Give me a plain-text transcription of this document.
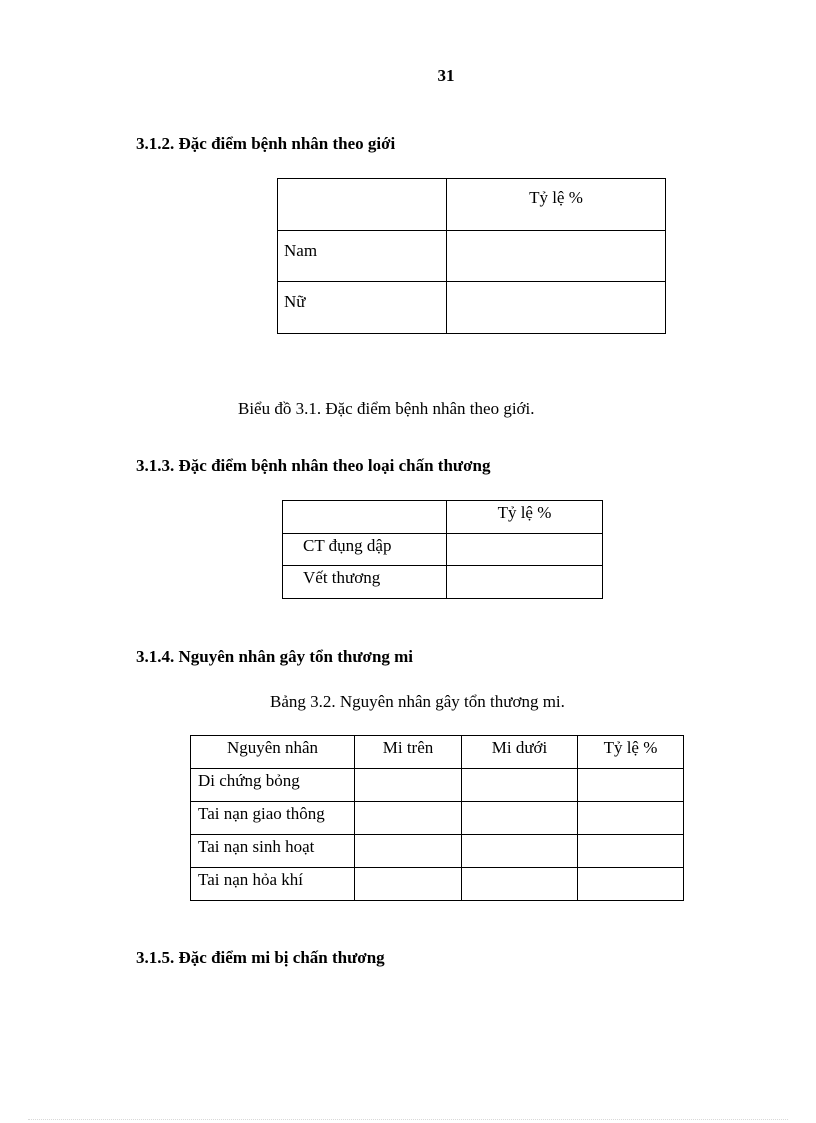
31
3.1.2. Đặc điểm bệnh nhân theo giới
	Tỷ lệ %
Nam	
Nữ	
Biểu đồ 3.1. Đặc điểm bệnh nhân theo giới.
3.1.3. Đặc điểm bệnh nhân theo loại chấn thương
	Tỷ lệ %
CT đụng dập	
Vết thương	
3.1.4. Nguyên nhân gây tổn thương mi
Bảng 3.2. Nguyên nhân gây tổn thương mi.
Nguyên nhân	Mi trên	Mi dưới	Tỷ lệ %
Di chứng bỏng			
Tai nạn giao thông			
Tai nạn sinh hoạt			
Tai nạn hỏa khí			
3.1.5. Đặc điểm mi bị chấn thương
